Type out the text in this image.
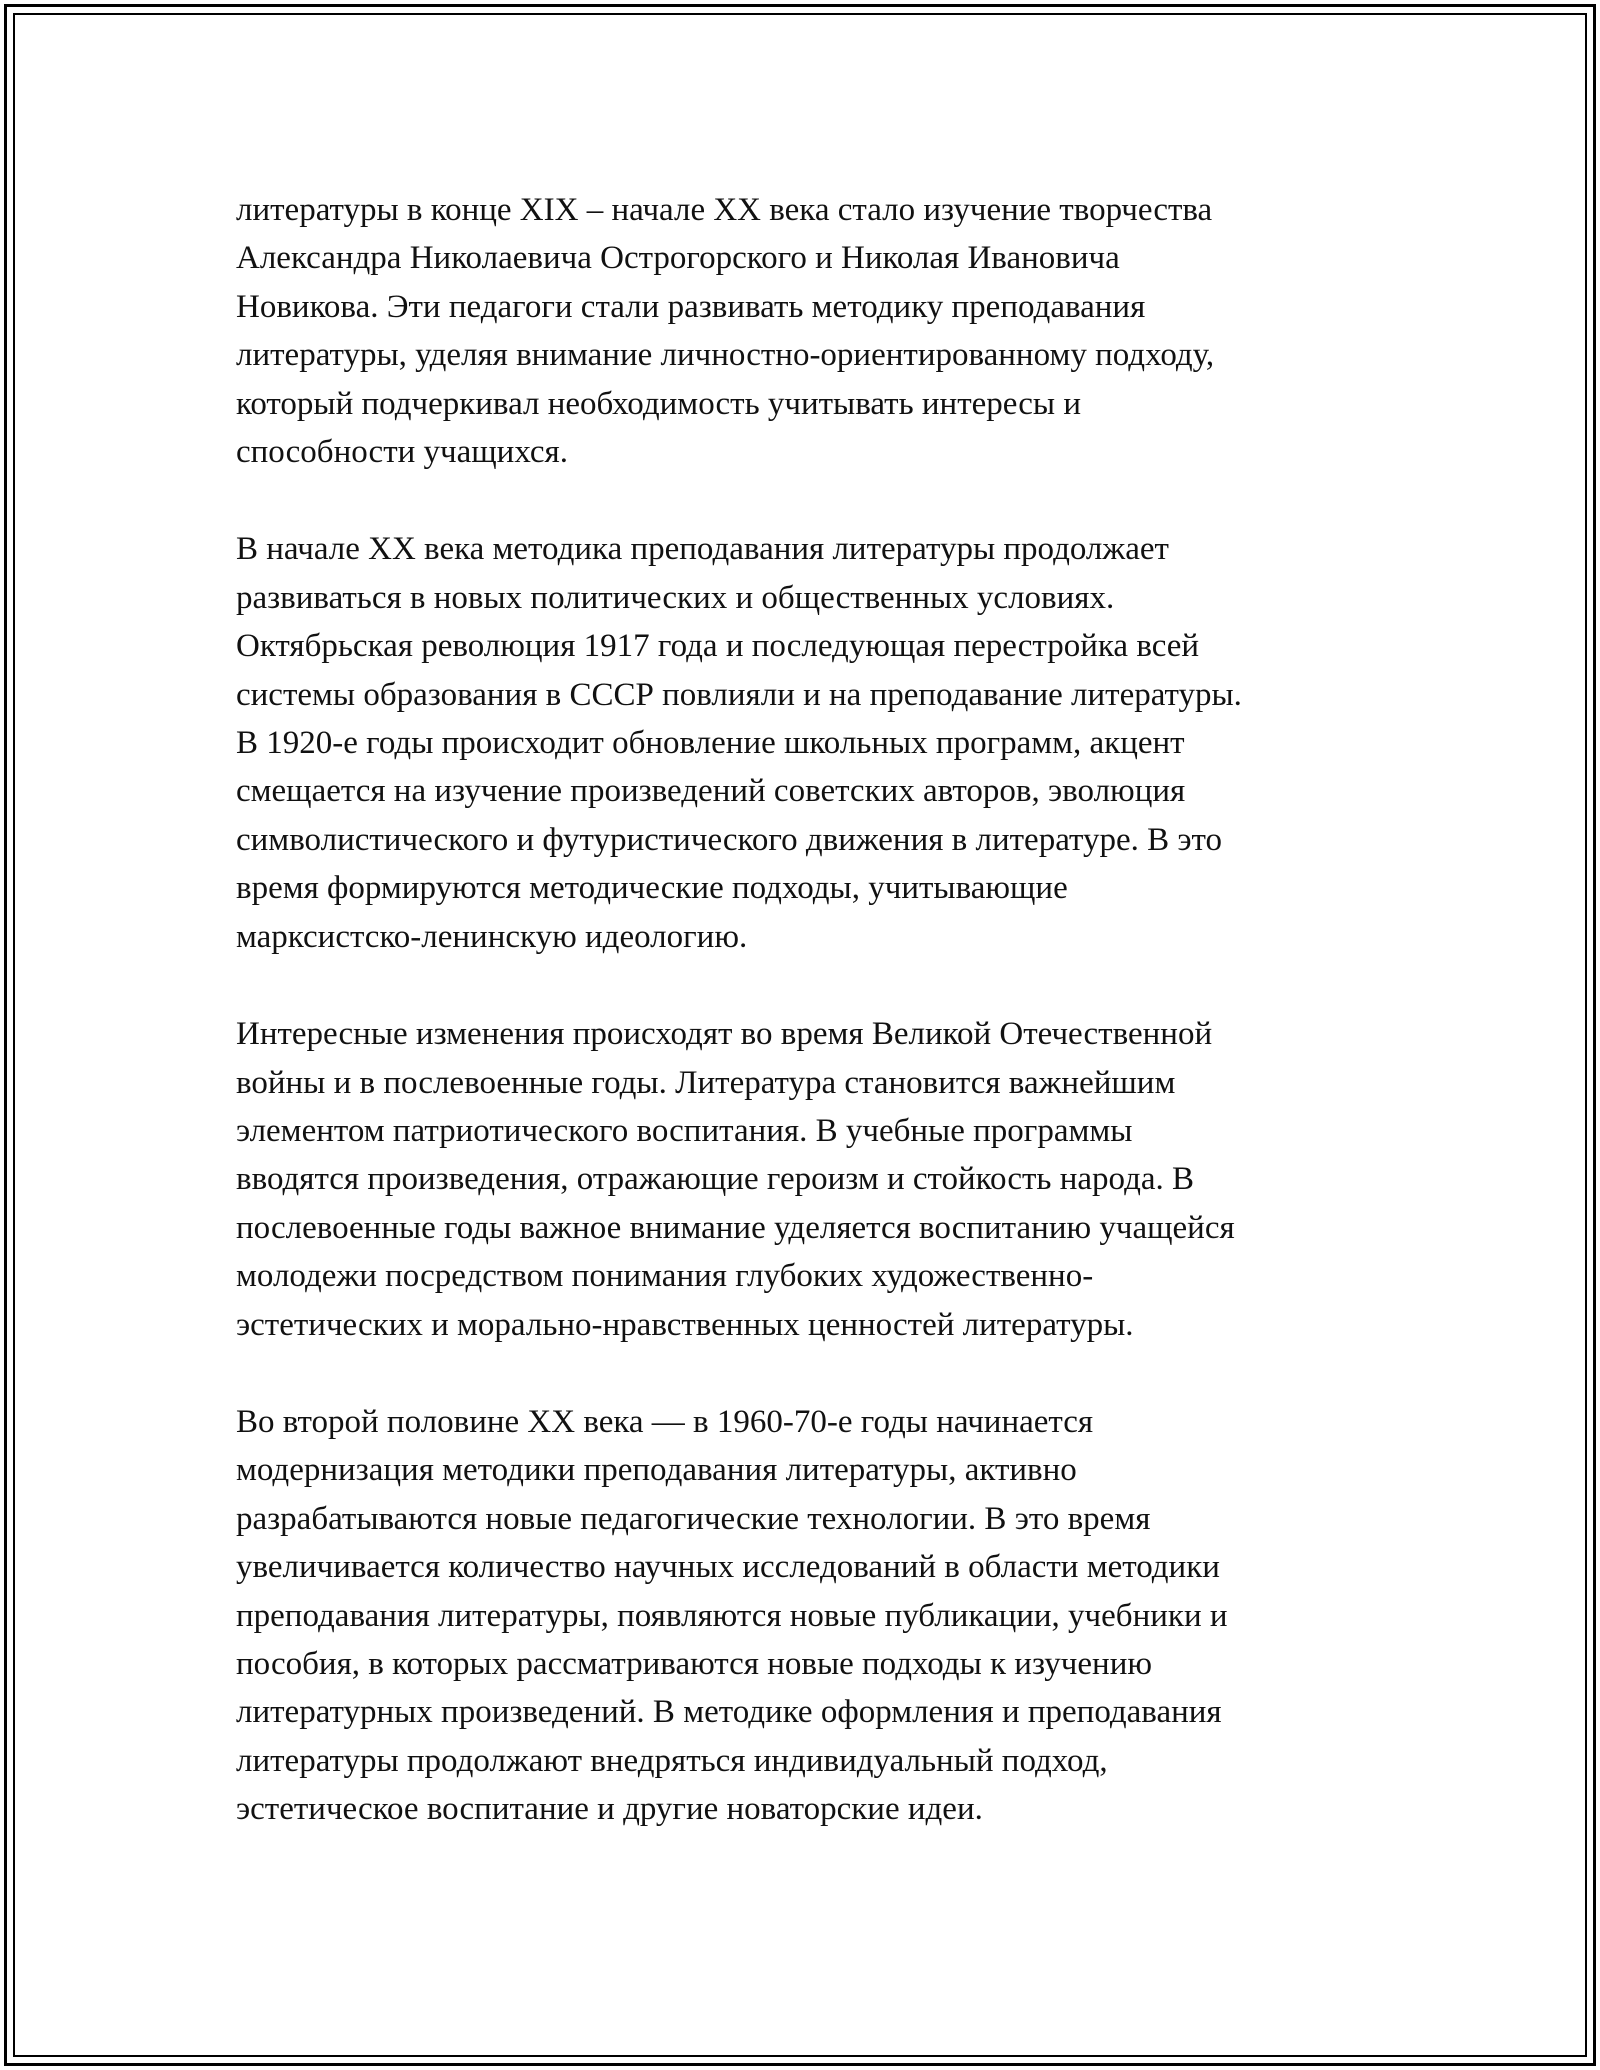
литературы в конце XIX – начале XX века стало изучение творчества
Александра Николаевича Острогорского и Николая Ивановича
Новикова. Эти педагоги стали развивать методику преподавания
литературы, уделяя внимание личностно-ориентированному подходу,
который подчеркивал необходимость учитывать интересы и
способности учащихся.

В начале XX века методика преподавания литературы продолжает
развиваться в новых политических и общественных условиях.
Октябрьская революция 1917 года и последующая перестройка всей
системы образования в СССР повлияли и на преподавание литературы.
В 1920-е годы происходит обновление школьных программ, акцент
смещается на изучение произведений советских авторов, эволюция
символистического и футуристического движения в литературе. В это
время формируются методические подходы, учитывающие
марксистско-ленинскую идеологию.

Интересные изменения происходят во время Великой Отечественной
войны и в послевоенные годы. Литература становится важнейшим
элементом патриотического воспитания. В учебные программы
вводятся произведения, отражающие героизм и стойкость народа. В
послевоенные годы важное внимание уделяется воспитанию учащейся
молодежи посредством понимания глубоких художественно-
эстетических и морально-нравственных ценностей литературы.

Во второй половине XX века — в 1960-70-е годы начинается
модернизация методики преподавания литературы, активно
разрабатываются новые педагогические технологии. В это время
увеличивается количество научных исследований в области методики
преподавания литературы, появляются новые публикации, учебники и
пособия, в которых рассматриваются новые подходы к изучению
литературных произведений. В методике оформления и преподавания
литературы продолжают внедряться индивидуальный подход,
эстетическое воспитание и другие новаторские идеи.
